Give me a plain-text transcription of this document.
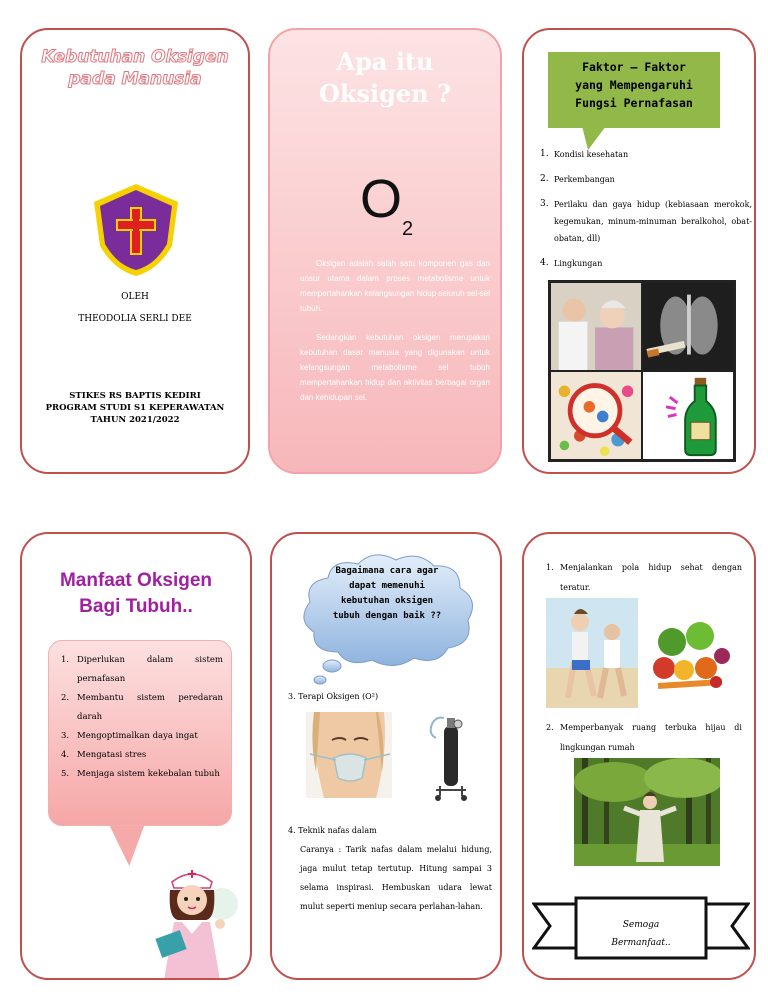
Kebutuhan Oksigen
pada Manusia
OLEH
THEODOLIA SERLI DEE
STIKES RS BAPTIS KEDIRI
PROGRAM STUDI S1 KEPERAWATAN
TAHUN 2021/2022
Apa itu
Oksigen ?
$O_2$

Oksigen adalah salah satu komponen gas dan unsur utama dalam proses metabolisme untuk mempertahankan kelangsungan hidup seluruh sel-sel tubuh.

Sedangkan kebutuhan oksigen merupakan kebutuhan dasar manusia yang digunakan untuk kelangsungan metabolisme sel tubuh mempertahankan hidup dan aktivitas berbagai organ dan kehidupan sel.

Faktor – Faktor
yang Mempengaruhi
Fungsi Pernafasan
1. Kondisi kesehatan
2. Perkembangan
3. Perilaku dan gaya hidup (kebiasaan merokok, kegemukan, minum-minuman beralkohol, obat-obatan, dll)
4. Lingkungan
Manfaat Oksigen
Bagi Tubuh..
1. Diperlukan dalam sistem pernafasan
2. Membantu sistem peredaran darah
3. Mengoptimalkan daya ingat
4. Mengatasi stres
5. Menjaga sistem kekebalan tubuh
Bagaimana cara agar
dapat memenuhi
kebutuhan oksigen
tubuh dengan baik ??
3. Terapi Oksigen (O²)
4. Teknik nafas dalam
Caranya : Tarik nafas dalam melalui hidung, jaga mulut tetap tertutup. Hitung sampai 3 selama inspirasi. Hembuskan udara lewat mulut seperti meniup secara perlahan-lahan.
1. Menjalankan pola hidup sehat dengan teratur.
2. Memperbanyak ruang terbuka hijau di lingkungan rumah
Semoga
Bermanfaat..
